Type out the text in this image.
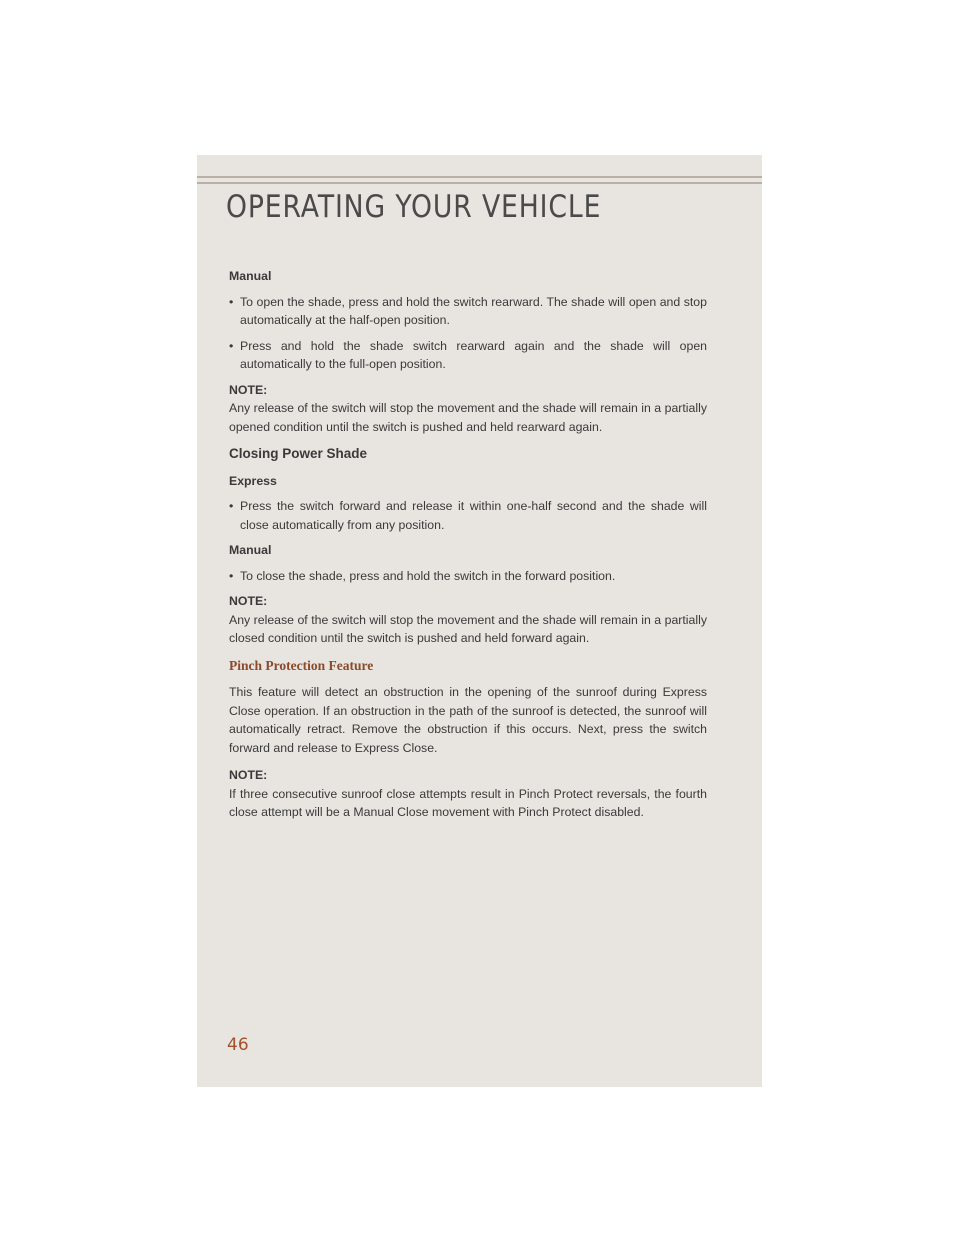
OPERATING YOUR VEHICLE

Manual

• To open the shade, press and hold the switch rearward. The shade will open and stop automatically at the half-open position.

• Press and hold the shade switch rearward again and the shade will open automatically to the full-open position.

NOTE:

Any release of the switch will stop the movement and the shade will remain in a partially opened condition until the switch is pushed and held rearward again.

Closing Power Shade

Express

• Press the switch forward and release it within one-half second and the shade will close automatically from any position.

Manual

• To close the shade, press and hold the switch in the forward position.

NOTE:

Any release of the switch will stop the movement and the shade will remain in a partially closed condition until the switch is pushed and held forward again.

Pinch Protection Feature

This feature will detect an obstruction in the opening of the sunroof during Express Close operation. If an obstruction in the path of the sunroof is detected, the sunroof will automatically retract. Remove the obstruction if this occurs. Next, press the switch forward and release to Express Close.

NOTE:

If three consecutive sunroof close attempts result in Pinch Protect reversals, the fourth close attempt will be a Manual Close movement with Pinch Protect disabled.

46
